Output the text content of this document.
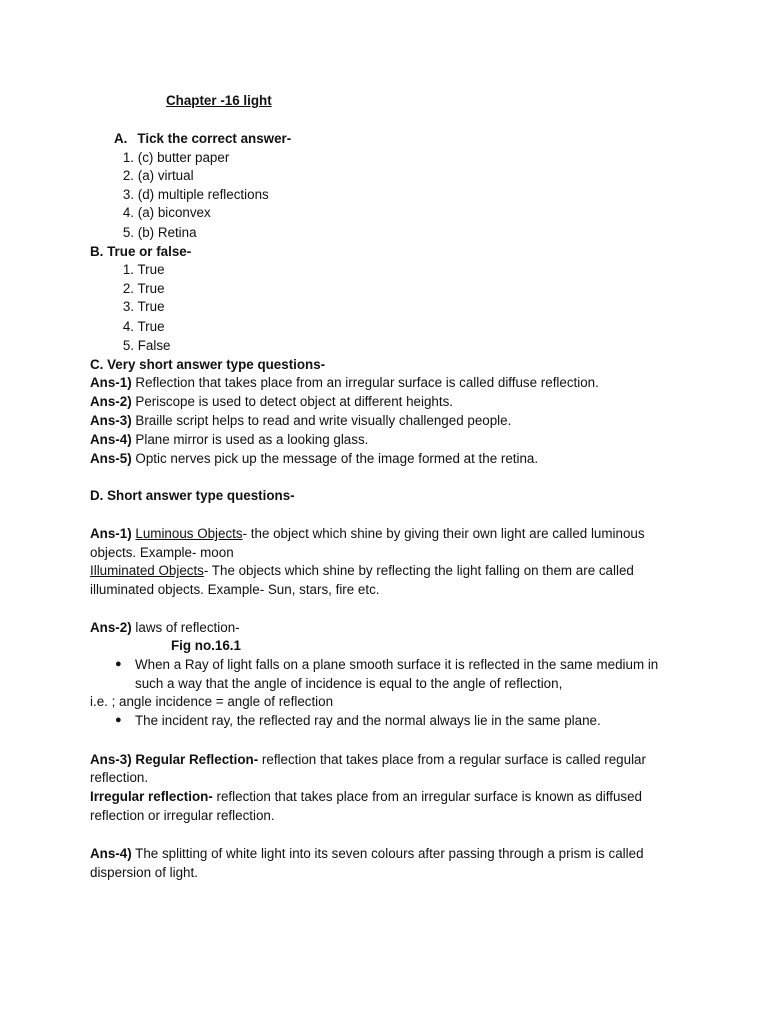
Chapter -16 light
A. Tick the correct answer-
1. (c) butter paper
2. (a) virtual
3. (d) multiple reflections
4. (a) biconvex
5. (b) Retina
B. True or false-
1. True
2. True
3. True
4. True
5. False
C. Very short answer type questions-
Ans-1) Reflection that takes place from an irregular surface is called diffuse reflection.
Ans-2) Periscope is used to detect object at different heights.
Ans-3) Braille script helps to read and write visually challenged people.
Ans-4) Plane mirror is used as a looking glass.
Ans-5) Optic nerves pick up the message of the image formed at the retina.
D. Short answer type questions-
Ans-1) Luminous Objects- the object which shine by giving their own light are called luminous
objects. Example- moon
Illuminated Objects- The objects which shine by reflecting the light falling on them are called
illuminated objects. Example- Sun, stars, fire etc.
Ans-2) laws of reflection-
Fig no.16.1
● When a Ray of light falls on a plane smooth surface it is reflected in the same medium in
such a way that the angle of incidence is equal to the angle of reflection,
i.e. ; angle incidence = angle of reflection
● The incident ray, the reflected ray and the normal always lie in the same plane.
Ans-3) Regular Reflection- reflection that takes place from a regular surface is called regular
reflection.
Irregular reflection- reflection that takes place from an irregular surface is known as diffused
reflection or irregular reflection.
Ans-4) The splitting of white light into its seven colours after passing through a prism is called
dispersion of light.
